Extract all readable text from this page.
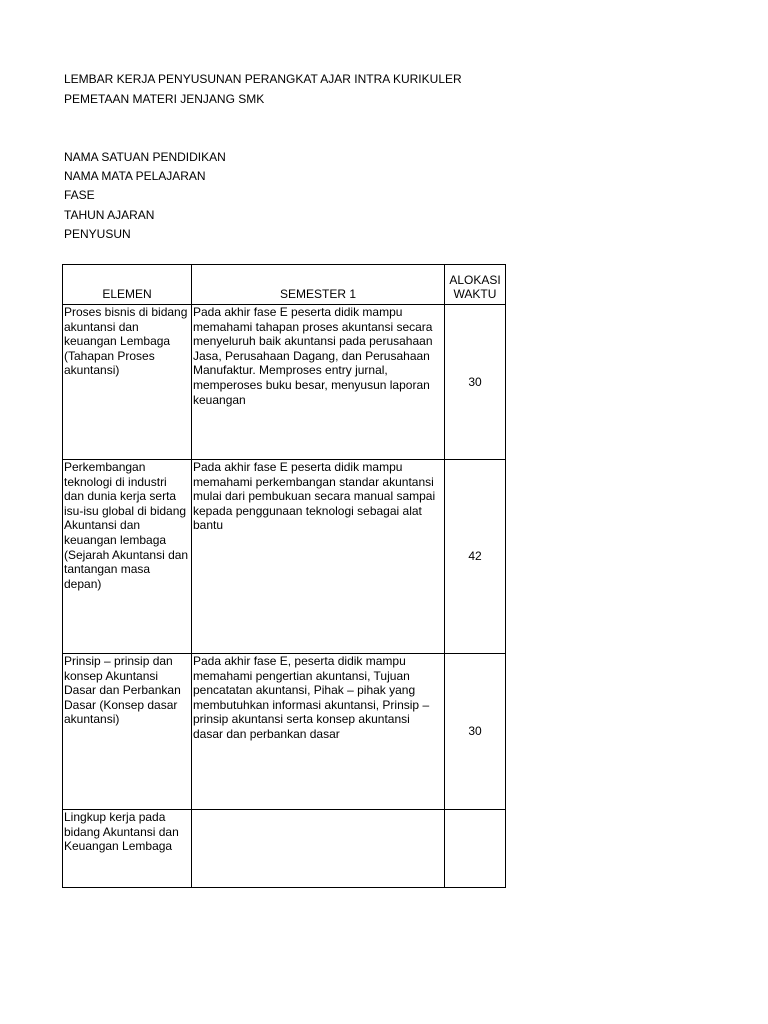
LEMBAR KERJA PENYUSUNAN PERANGKAT AJAR INTRA KURIKULER
PEMETAAN MATERI JENJANG SMK
NAMA SATUAN PENDIDIKAN
NAMA MATA PELAJARAN
FASE
TAHUN AJARAN
PENYUSUN
ELEMEN	SEMESTER 1	ALOKASI
WAKTU
Proses bisnis di bidang akuntansi dan keuangan Lembaga (Tahapan Proses akuntansi)	Pada akhir fase E peserta didik mampu memahami tahapan proses akuntansi secara menyeluruh baik akuntansi pada perusahaan Jasa, Perusahaan Dagang, dan Perusahaan Manufaktur. Memproses entry jurnal, memperoses buku besar, menyusun laporan keuangan	30
Perkembangan teknologi di industri dan dunia kerja serta isu-isu global di bidang Akuntansi dan keuangan lembaga (Sejarah Akuntansi dan tantangan masa depan)	Pada akhir fase E peserta didik mampu memahami perkembangan standar akuntansi mulai dari pembukuan secara manual sampai kepada penggunaan teknologi sebagai alat bantu	42
Prinsip – prinsip dan konsep Akuntansi Dasar dan Perbankan Dasar (Konsep dasar akuntansi)	Pada akhir fase E, peserta didik mampu memahami pengertian akuntansi, Tujuan pencatatan akuntansi, Pihak – pihak yang membutuhkan informasi akuntansi, Prinsip – prinsip akuntansi serta konsep akuntansi dasar dan perbankan dasar	30
Lingkup kerja pada bidang Akuntansi dan Keuangan Lembaga		
